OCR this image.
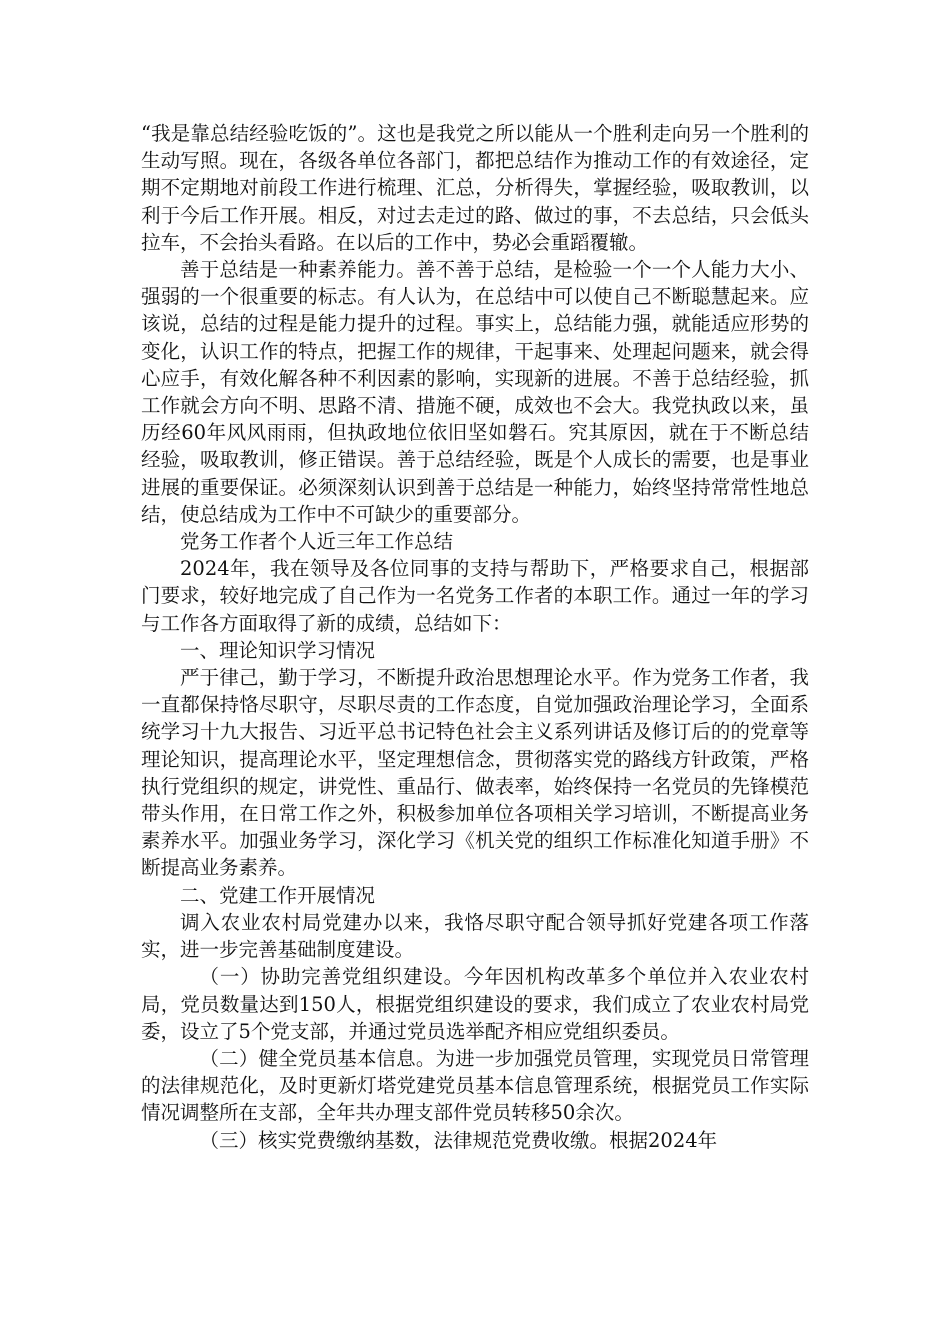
“我是靠总结经验吃饭的”。这也是我党之所以能从一个胜利走向另一个胜利的生动写照。现在，各级各单位各部门，都把总结作为推动工作的有效途径，定期不定期地对前段工作进行梳理、汇总，分析得失，掌握经验，吸取教训，以利于今后工作开展。相反，对过去走过的路、做过的事，不去总结，只会低头拉车，不会抬头看路。在以后的工作中，势必会重蹈覆辙。

善于总结是一种素养能力。善不善于总结，是检验一个一个人能力大小、强弱的一个很重要的标志。有人认为，在总结中可以使自己不断聪慧起来。应该说，总结的过程是能力提升的过程。事实上，总结能力强，就能适应形势的变化，认识工作的特点，把握工作的规律，干起事来、处理起问题来，就会得心应手，有效化解各种不利因素的影响，实现新的进展。不善于总结经验，抓工作就会方向不明、思路不清、措施不硬，成效也不会大。我党执政以来，虽历经60年风风雨雨，但执政地位依旧坚如磐石。究其原因，就在于不断总结经验，吸取教训，修正错误。善于总结经验，既是个人成长的需要，也是事业进展的重要保证。必须深刻认识到善于总结是一种能力，始终坚持常常性地总结，使总结成为工作中不可缺少的重要部分。

党务工作者个人近三年工作总结

2024年，我在领导及各位同事的支持与帮助下，严格要求自己，根据部门要求，较好地完成了自己作为一名党务工作者的本职工作。通过一年的学习与工作各方面取得了新的成绩，总结如下：

一、理论知识学习情况

严于律己，勤于学习，不断提升政治思想理论水平。作为党务工作者，我一直都保持恪尽职守，尽职尽责的工作态度，自觉加强政治理论学习，全面系统学习十九大报告、习近平总书记特色社会主义系列讲话及修订后的的党章等理论知识，提高理论水平，坚定理想信念，贯彻落实党的路线方针政策，严格执行党组织的规定，讲党性、重品行、做表率，始终保持一名党员的先锋模范带头作用，在日常工作之外，积极参加单位各项相关学习培训，不断提高业务素养水平。加强业务学习，深化学习《机关党的组织工作标准化知道手册》不断提高业务素养。

二、党建工作开展情况

调入农业农村局党建办以来，我恪尽职守配合领导抓好党建各项工作落实，进一步完善基础制度建设。

（一）协助完善党组织建设。今年因机构改革多个单位并入农业农村局，党员数量达到150人，根据党组织建设的要求，我们成立了农业农村局党委，设立了5个党支部，并通过党员选举配齐相应党组织委员。

（二）健全党员基本信息。为进一步加强党员管理，实现党员日常管理的法律规范化，及时更新灯塔党建党员基本信息管理系统，根据党员工作实际情况调整所在支部，全年共办理支部件党员转移50余次。

（三）核实党费缴纳基数，法律规范党费收缴。根据2024年
